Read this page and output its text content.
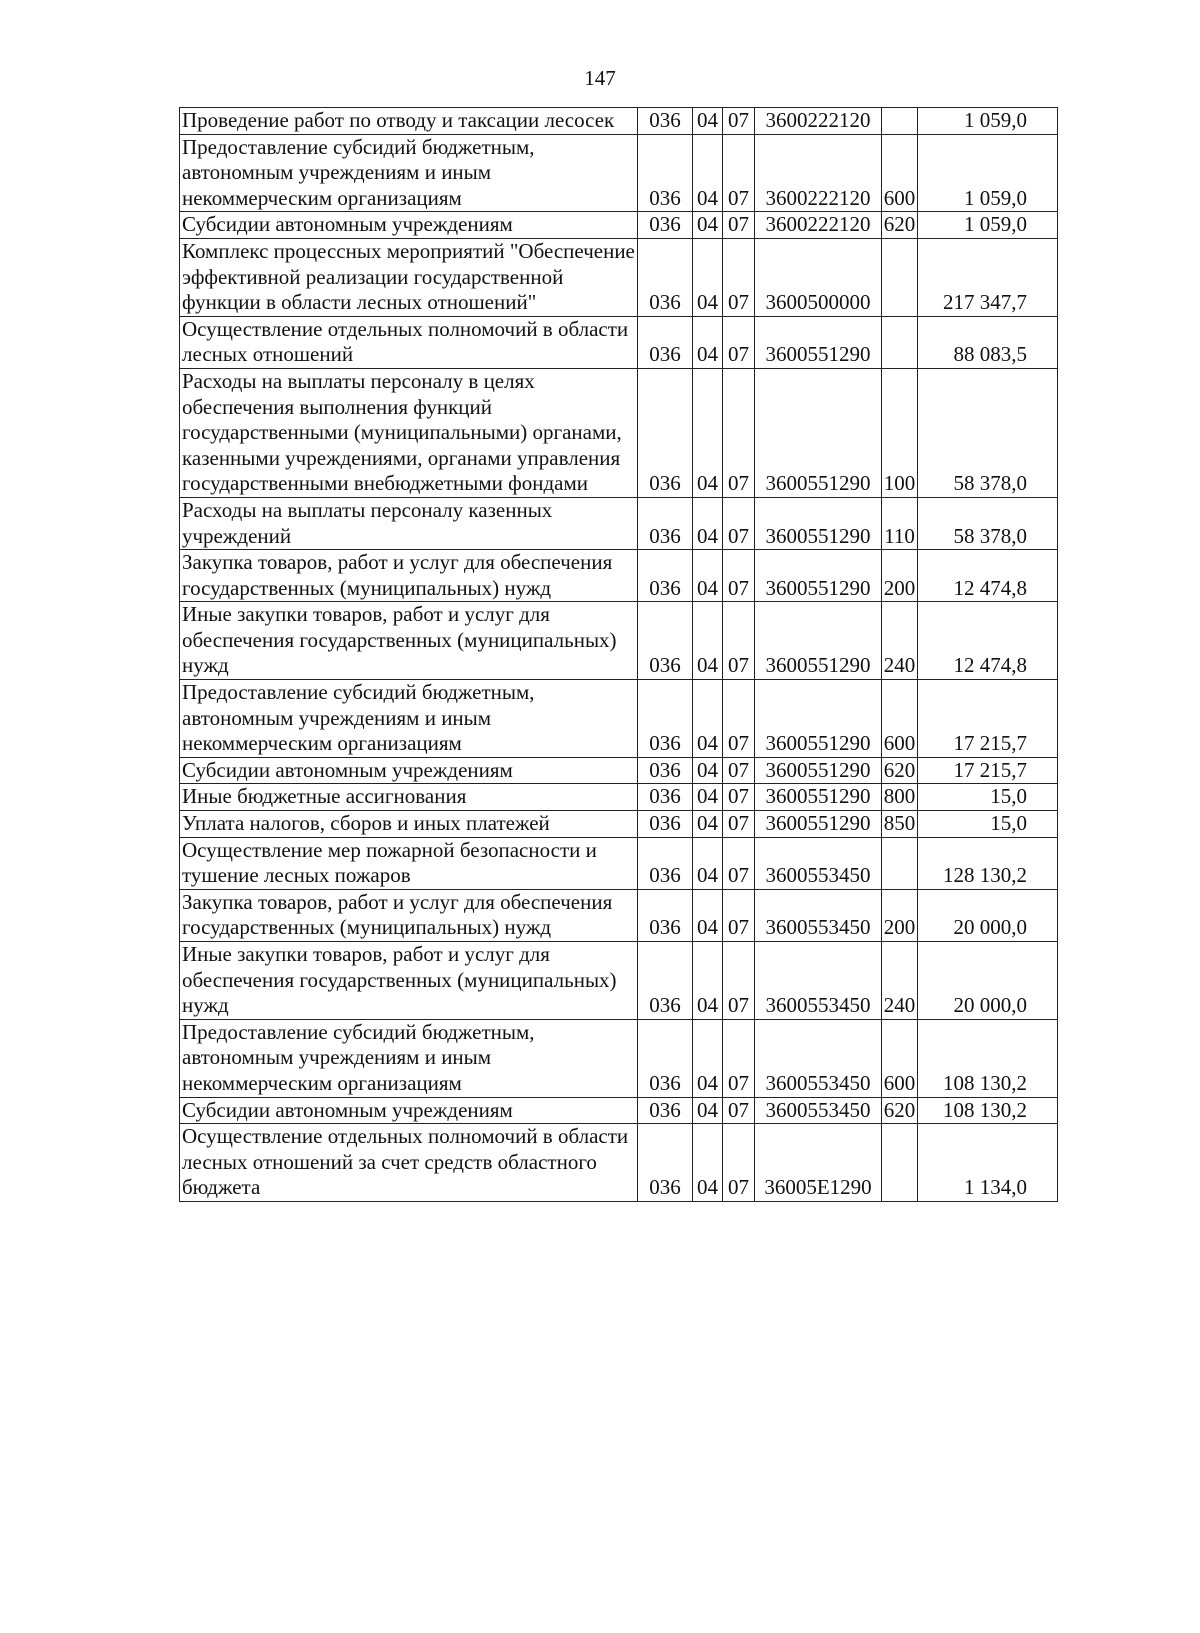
147
Проведение работ по отводу и таксации лесосек	036	04	07	3600222120		1 059,0
Предоставление субсидий бюджетным, автономным учреждениям и иным некоммерческим организациям	036	04	07	3600222120	600	1 059,0
Субсидии автономным учреждениям	036	04	07	3600222120	620	1 059,0
Комплекс процессных мероприятий "Обеспечение эффективной реализации государственной функции в области лесных отношений"	036	04	07	3600500000		217 347,7
Осуществление отдельных полномочий в области лесных отношений	036	04	07	3600551290		88 083,5
Расходы на выплаты персоналу в целях обеспечения выполнения функций государственными (муниципальными) органами, казенными учреждениями, органами управления государственными внебюджетными фондами	036	04	07	3600551290	100	58 378,0
Расходы на выплаты персоналу казенных учреждений	036	04	07	3600551290	110	58 378,0
Закупка товаров, работ и услуг для обеспечения государственных (муниципальных) нужд	036	04	07	3600551290	200	12 474,8
Иные закупки товаров, работ и услуг для обеспечения государственных (муниципальных) нужд	036	04	07	3600551290	240	12 474,8
Предоставление субсидий бюджетным, автономным учреждениям и иным некоммерческим организациям	036	04	07	3600551290	600	17 215,7
Субсидии автономным учреждениям	036	04	07	3600551290	620	17 215,7
Иные бюджетные ассигнования	036	04	07	3600551290	800	15,0
Уплата налогов, сборов и иных платежей	036	04	07	3600551290	850	15,0
Осуществление мер пожарной безопасности и тушение лесных пожаров	036	04	07	3600553450		128 130,2
Закупка товаров, работ и услуг для обеспечения государственных (муниципальных) нужд	036	04	07	3600553450	200	20 000,0
Иные закупки товаров, работ и услуг для обеспечения государственных (муниципальных) нужд	036	04	07	3600553450	240	20 000,0
Предоставление субсидий бюджетным, автономным учреждениям и иным некоммерческим организациям	036	04	07	3600553450	600	108 130,2
Субсидии автономным учреждениям	036	04	07	3600553450	620	108 130,2
Осуществление отдельных полномочий в области лесных отношений за счет средств областного бюджета	036	04	07	36005E1290		1 134,0
